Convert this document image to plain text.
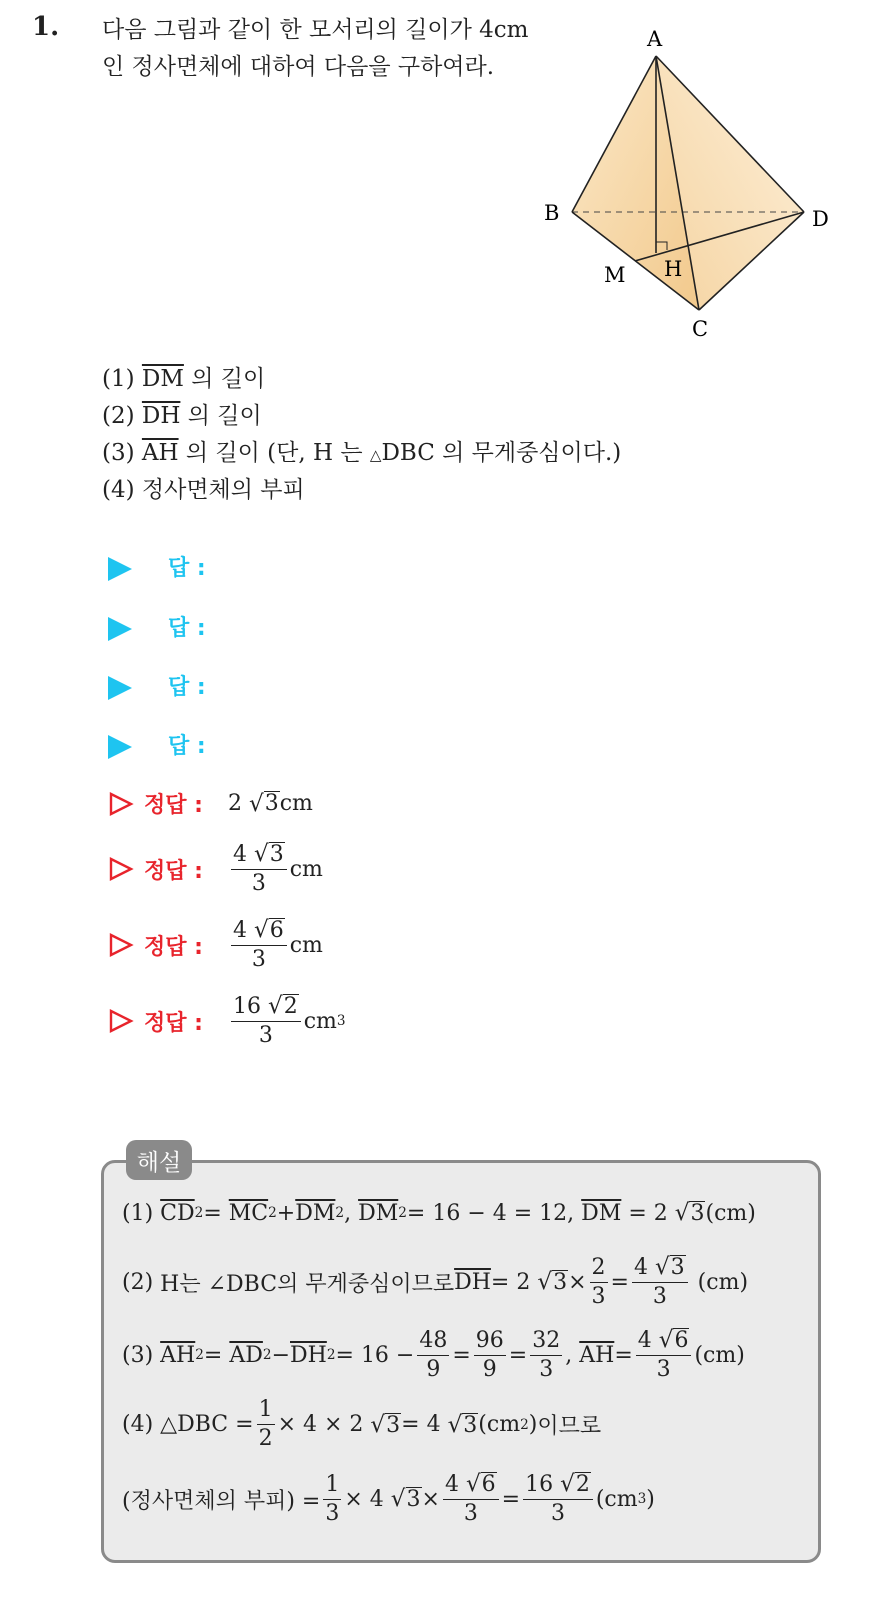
1. 다음 그림과 같이 한 모서리의 길이가 4cm 인 정사면체에 대하여 다음을 구하여라.
A
B
C
D
M H
(1) $\overline{DM}$ 의 길이
(2) $\overline{DH}$ 의 길이
(3) $\overline{AH}$ 의 길이 (단, H 는 △DBC 의 무게중심이다.)
(4) 정사면체의 부피
답 :
답 :
답 :
답 :
정답 :	2
√ 3 cm
정답 :	$\frac{4 √ 3}{3}$ cm
정답 :	$\frac{4 √ 6}{3}$ cm
정답 :	$\frac{16 √ 2}{3}$ cm 3
해설
(1)
$\overline{CD}$ 2 =
$\overline{MC}$ $2 + \overline{DM}$ 2 ,
$\overline{DM}$ 2 = 16 − 4 = 12,
$\overline{DM} = 2$
√ 3 (cm)
(2)
H는 ∠DBC의 무게중심이므로 $\overline{DH} = 2$
√ $3 \times \frac{2}{3} = \frac{4 √ 3}{3}$
(cm)
(3)
$\overline{AH}$ 2 =
$\overline{AD}$ $2 - \overline{DH}$ 2 =
$16 - \frac{48}{9} = \frac{96}{9} = \frac{32}{3}$ ,
$\overline{AH} = \frac{4 √ 6}{3} (cm)$
(4)
△DBC = $\frac{1}{2} \times 4 \times 2$
√ 3 = 4
√ 3 (cm 2 ) 이므로
(정사면체의 부피) = $\frac{1}{3} \times 4$
√ $3 \times \frac{4 √ 6}{3} = \frac{16 √ 2}{3} (cm$ 3 )
